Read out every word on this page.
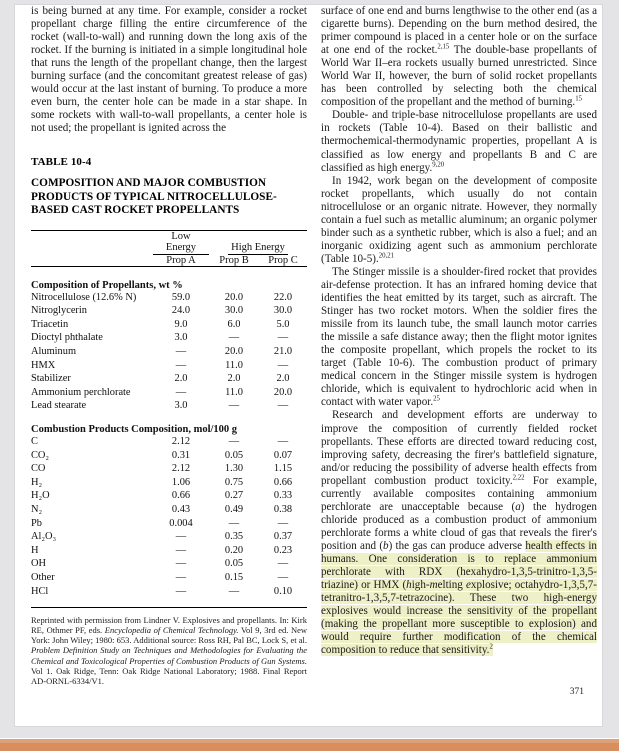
is being burned at any time. For example, consider a rocket propellant charge filling the entire circumference of the rocket (wall-to-wall) and running down the long axis of the rocket. If the burning is initiated in a simple longitudinal hole that runs the length of the propellant change, then the largest burning surface (and the concomitant greatest release of gas) would occur at the last instant of burning. To produce a more even burn, the center hole can be made in a star shape. In some rockets with wall-to-wall propellants, a center hole is not used; the propellant is ignited across the

TABLE 10-4

COMPOSITION AND MAJOR COMBUSTION PRODUCTS OF TYPICAL NITROCELLULOSE-BASED CAST ROCKET PROPELLANTS

	Low Energy	High Energy	
	Prop A	Prop B	Prop C

Composition of Propellants, wt %			
Nitrocellulose (12.6% N)	59.0	20.0	22.0
Nitroglycerin	24.0	30.0	30.0
Triacetin	9.0	6.0	5.0
Dioctyl phthalate	3.0	—	—
Aluminum	—	20.0	21.0
HMX	—	11.0	—
Stabilizer	2.0	2.0	2.0
Ammonium perchlorate	—	11.0	20.0
Lead stearate	3.0	—	—
Combustion Products Composition, mol/100 g			
C	2.12	—	—
CO₂	0.31	0.05	0.07
CO	2.12	1.30	1.15
H₂	1.06	0.75	0.66
H₂O	0.66	0.27	0.33
N₂	0.43	0.49	0.38
Pb	0.004	—	—
Al₂O₃	—	0.35	0.37
H	—	0.20	0.23
OH	—	0.05	—
Other	—	0.15	—
HCl	—	—	0.10

Reprinted with permission from Lindner V. Explosives and propellants. In: Kirk RE, Othmer PF, eds. Encyclopedia of Chemical Technology. Vol 9, 3rd ed. New York: John Wiley; 1980: 653. Additional source: Ross RH, Pal BC, Lock S, et al. Problem Definition Study on Techniques and Methodologies for Evaluating the Chemical and Toxicological Properties of Combustion Products of Gun Systems. Vol 1. Oak Ridge, Tenn: Oak Ridge National Laboratory; 1988. Final Report AD-ORNL-6334/V1.

surface of one end and burns lengthwise to the other end (as a cigarette burns). Depending on the burn method desired, the primer compound is placed in a center hole or on the surface at one end of the rocket.$^{2,15}$ The double-base propellants of World War II–era rockets usually burned unrestricted. Since World War II, however, the burn of solid rocket propellants has been controlled by selecting both the chemical composition of the propellant and the method of burning.$^{15}$

Double- and triple-base nitrocellulose propellants are used in rockets (Table 10-4). Based on their ballistic and thermochemical-thermodynamic properties, propellant A is classified as low energy and propellants B and C are classified as high energy.$^{9,20}$

In 1942, work began on the development of composite rocket propellants, which usually do not contain nitrocellulose or an organic nitrate. However, they normally contain a fuel such as metallic aluminum; an organic polymer binder such as a synthetic rubber, which is also a fuel; and an inorganic oxidizing agent such as ammonium perchlorate (Table 10-5).$^{20,21}$

The Stinger missile is a shoulder-fired rocket that provides air-defense protection. It has an infrared homing device that identifies the heat emitted by its target, such as aircraft. The Stinger has two rocket motors. When the soldier fires the missile from its launch tube, the small launch motor carries the missile a safe distance away; then the flight motor ignites the composite propellant, which propels the rocket to its target (Table 10-6). The combustion product of primary medical concern in the Stinger missile system is hydrogen chloride, which is equivalent to hydrochloric acid when in contact with water vapor.$^{25}$

Research and development efforts are underway to improve the composition of currently fielded rocket propellants. These efforts are directed toward reducing cost, improving safety, decreasing the firer's battlefield signature, and/or reducing the possibility of adverse health effects from propellant combustion product toxicity.$^{2,22}$ For example, currently available composites containing ammonium perchlorate are unacceptable because (a) the hydrogen chloride produced as a combustion product of ammonium perchlorate forms a white cloud of gas that reveals the firer's position and (b) the gas can produce adverse health effects in humans. One consideration is to replace ammonium perchlorate with RDX (hexahydro-1,3,5-trinitro-1,3,5-triazine) or HMX (high-melting explosive; octahydro-1,3,5,7-tetranitro-1,3,5,7-tetrazocine). These two high-energy explosives would increase the sensitivity of the propellant (making the propellant more susceptible to explosion) and would require further modification of the chemical composition to reduce that sensitivity.$^2$

371
